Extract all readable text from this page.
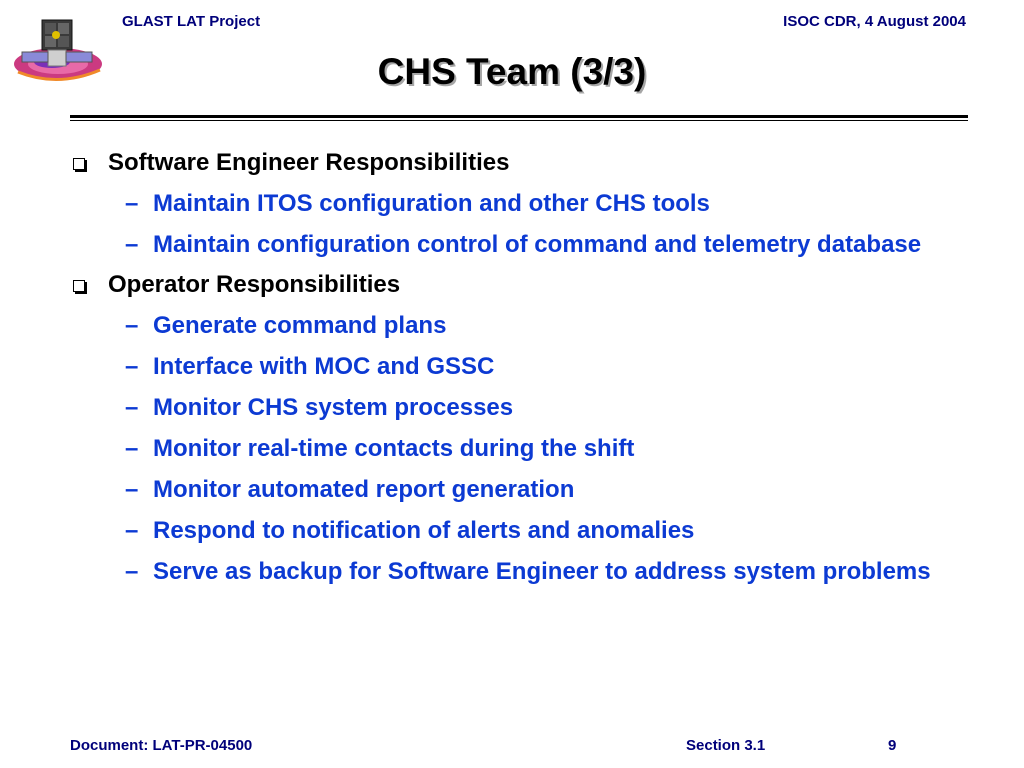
GLAST LAT Project	ISOC CDR, 4 August 2004
CHS Team (3/3)
Software Engineer Responsibilities
– Maintain ITOS configuration and other CHS tools
– Maintain configuration control of command and telemetry database
Operator Responsibilities
– Generate command plans
– Interface with MOC and GSSC
– Monitor CHS system processes
– Monitor real-time contacts during the shift
– Monitor automated report generation
– Respond to notification of alerts and anomalies
– Serve as backup for Software Engineer to address system problems
Document: LAT-PR-04500	Section 3.1	9
